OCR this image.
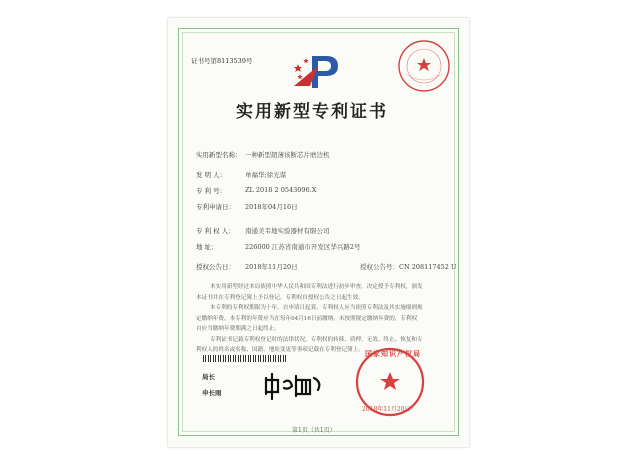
证书号第8113539号
实用新型专利证书
实用新型名称： 一种新型超薄该断芯片磨边机
发 明 人：	单福华;徐光谋
专 利 号：	ZL 2018 2 0543096.X
专利申请日： 2018年04月16日
专 利 权 人： 南通美韦地实验器材有限公司
地 址：	226000 江苏省南通市开发区华兴路2号
授权公告日： 2018年11月20日	授权公告号：CN 208117452 U
本实用新型经过本局依照中华人民共和国专利法进行初步审查，决定授予专利权，颁发
本证书并在专利登记簿上予以登记。专利权自授权公告之日起生效。
本专利的专利权期限为十年，自申请日起算。专利权人应当依照专利法及其实施细则规
定缴纳年费。本专利的年费应当在每年04月16日前缴纳。未按照规定缴纳年费的，专利权
自应当缴纳年费期满之日起终止。
专利证书记载专利权登记时的法律状况。专利权的转移、质押、无效、终止、恢复和专
利权人的姓名或名称、国籍、地址变更等事项记载在专利登记簿上。
局长
申长雨
国家知识产权局
2018年11月20日
第1页（共1页）
